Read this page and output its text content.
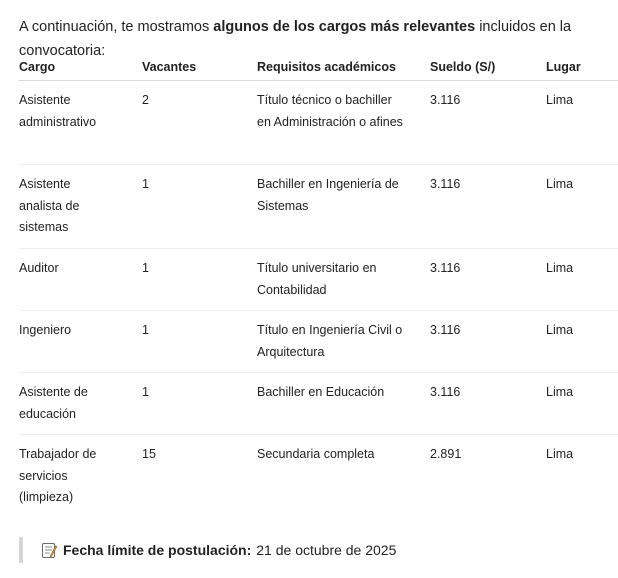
A continuación, te mostramos algunos de los cargos más relevantes incluidos en la convocatoria:

Cargo	Vacantes	Requisitos académicos	Sueldo (S/)	Lugar

Asistente administrativo	2	Título técnico o bachiller en Administración o afines	3.116	Lima

Asistente analista de sistemas	1	Bachiller en Ingeniería de Sistemas	3.116	Lima

Auditor	1	Título universitario en Contabilidad	3.116	Lima

Ingeniero	1	Título en Ingeniería Civil o Arquitectura	3.116	Lima

Asistente de educación	1	Bachiller en Educación	3.116	Lima

Trabajador de servicios (limpieza)	15	Secundaria completa	2.891	Lima
Fecha límite de postulación: 21 de octubre de 2025
